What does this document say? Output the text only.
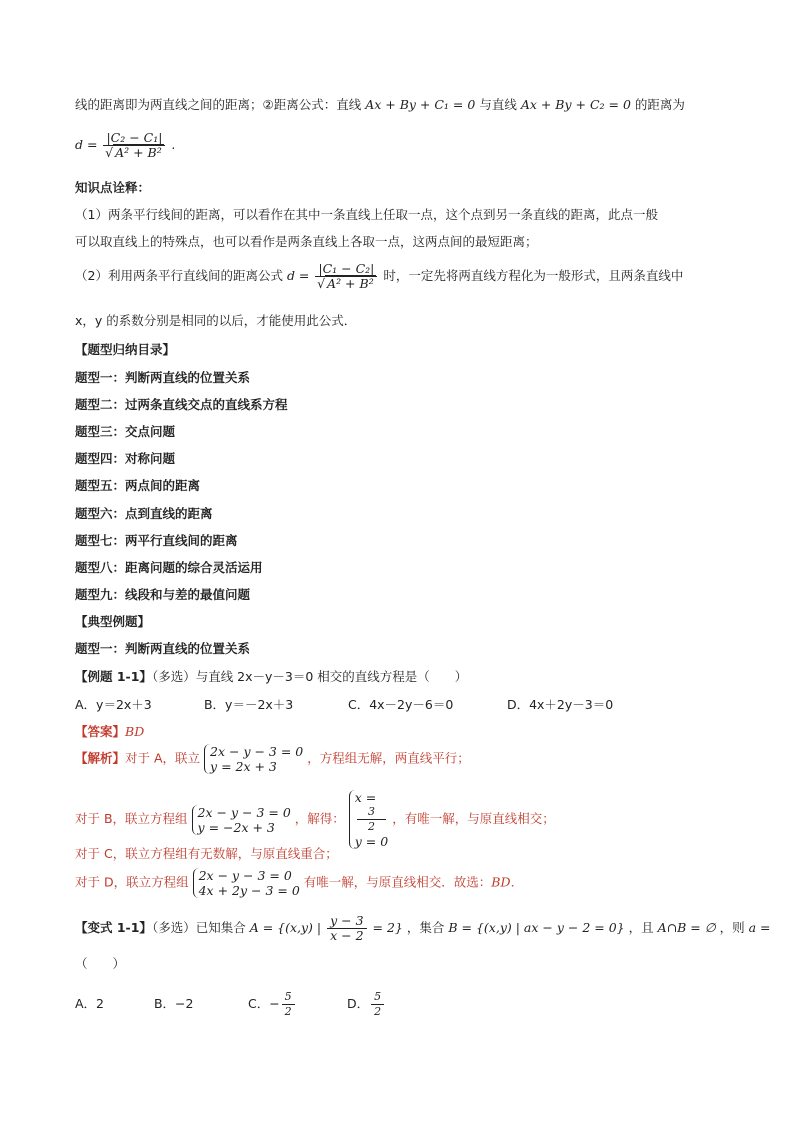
线的距离即为两直线之间的距离；②距离公式：直线 Ax + By + C₁ = 0 与直线 Ax + By + C₂ = 0 的距离为
$d = \frac{\text{|C₂ − C₁|}}{\text{√ A² + B²}}$ .
知识点诠释：
（1）两条平行线间的距离，可以看作在其中一条直线上任取一点，这个点到另一条直线的距离，此点一般
可以取直线上的特殊点，也可以看作是两条直线上各取一点，这两点间的最短距离；
（2）利用两条平行直线间的距离公式 $d = \frac{\text{|C₁ − C₂|}}{\text{√ A² + B²}}$ 时，一定先将两直线方程化为一般形式，且两条直线中
x，y 的系数分别是相同的以后，才能使用此公式．
【题型归纳目录】
题型一：判断两直线的位置关系
题型二：过两条直线交点的直线系方程
题型三：交点问题
题型四：对称问题
题型五：两点间的距离
题型六：点到直线的距离
题型七：两平行直线间的距离
题型八：距离问题的综合灵活运用
题型九：线段和与差的最值问题
【典型例题】
题型一：判断两直线的位置关系
【例题 1-1】（多选）与直线 2x－y－3＝0 相交的直线方程是（　　）
A．y＝2x＋3	B．y＝－2x＋3	C．4x－2y－6＝0	D．4x＋2y－3＝0
【答案】BD
【解析】对于 A，联立 2x − y − 3 = 0
y = 2x + 3
，方程组无解，两直线平行；
对于 B，联立方程组 2x − y − 3 = 0
y = −2x + 3
，解得：
x =
3
2
y = 0
，有唯一解，与原直线相交；
对于 C，联立方程组有无数解，与原直线重合；
对于 D，联立方程组 2x − y − 3 = 0
4x + 2y − 3 = 0
有唯一解，与原直线相交．故选：BD．
【变式 1-1】（多选）已知集合 A = {(x,y) | $\frac{y - 3}{x - 2} = 2$} ，集合 B = {(x,y) | ax − y − 2 = 0} ，且 A∩B = ∅ ，则 a =
（　　）
A．2	B．−2	C．− $\frac{5}{2}$	D． $\frac{5}{2}$
